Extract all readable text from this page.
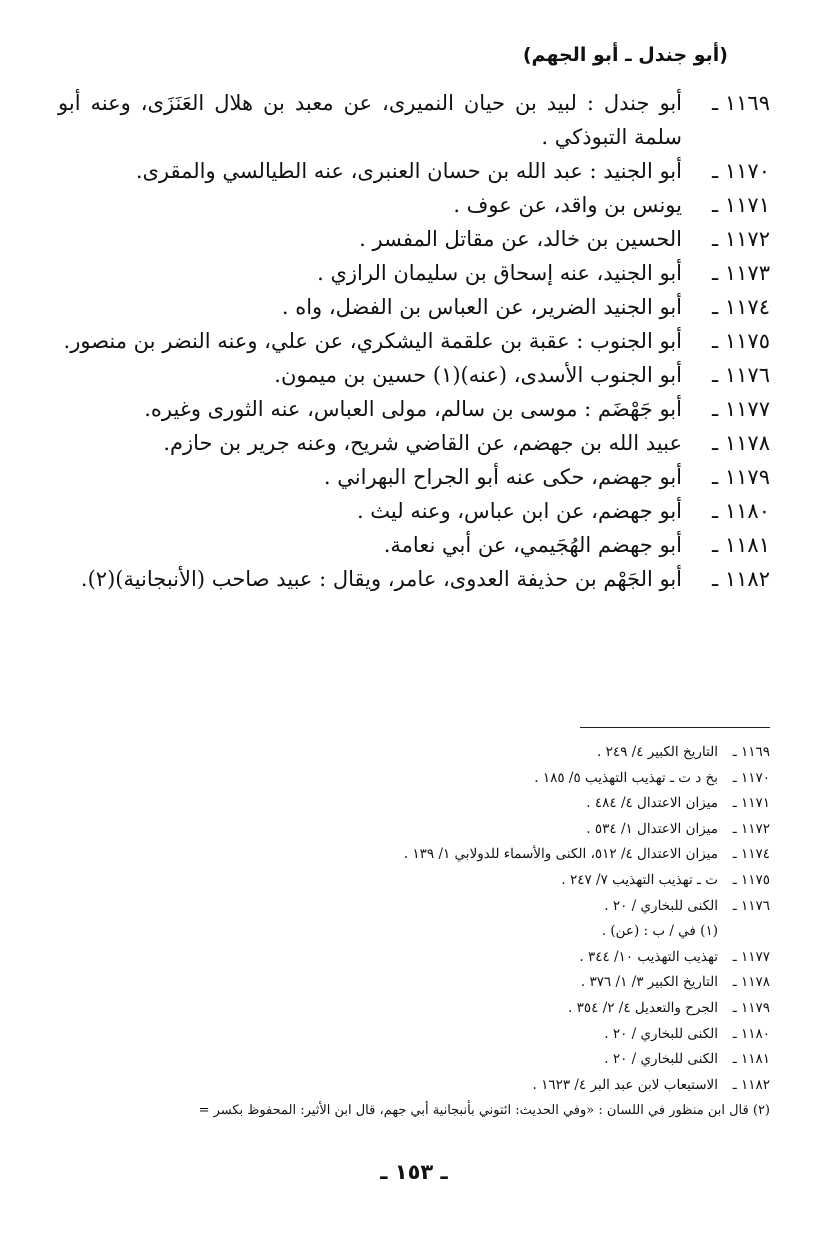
(أبو جندل ـ أبو الجهم)
١١٦٩ ـ
أبو جندل : لبيد بن حيان النميرى، عن معبد بن هلال العَنَزَى، وعنه أبو سلمة التبوذكي .
١١٧٠ ـ
أبو الجنيد : عبد الله بن حسان العنبرى، عنه الطيالسي والمقرى.
١١٧١ ـ
يونس بن واقد، عن عوف .
١١٧٢ ـ
الحسين بن خالد، عن مقاتل المفسر .
١١٧٣ ـ
أبو الجنيد، عنه إسحاق بن سليمان الرازي .
١١٧٤ ـ
أبو الجنيد الضرير، عن العباس بن الفضل، واه .
١١٧٥ ـ
أبو الجنوب : عقبة بن علقمة اليشكري، عن علي، وعنه النضر بن منصور.
١١٧٦ ـ
أبو الجنوب الأسدى، (عنه)(١) حسين بن ميمون.
١١٧٧ ـ
أبو جَهْضَم : موسى بن سالم، مولى العباس، عنه الثورى وغيره.
١١٧٨ ـ
عبيد الله بن جهضم، عن القاضي شريح، وعنه جرير بن حازم.
١١٧٩ ـ
أبو جهضم، حكى عنه أبو الجراح البهراني .
١١٨٠ ـ
أبو جهضم، عن ابن عباس، وعنه ليث .
١١٨١ ـ
أبو جهضم الهُجَيمي، عن أبي نعامة.
١١٨٢ ـ
أبو الجَهْم بن حذيفة العدوى، عامر، ويقال : عبيد صاحب (الأنبجانية)(٢).
١١٦٩ ـ
التاريخ الكبير ٤/ ٢٤٩ .
١١٧٠ ـ
بخ د ت ـ تهذيب التهذيب ٥/ ١٨٥ .
١١٧١ ـ
ميزان الاعتدال ٤/ ٤٨٤ .
١١٧٢ ـ
ميزان الاعتدال ١/ ٥٣٤ .
١١٧٤ ـ
ميزان الاعتدال ٤/ ٥١٢، الكنى والأسماء للدولابي ١/ ١٣٩ .
١١٧٥ ـ
ت ـ تهذيب التهذيب ٧/ ٢٤٧ .
١١٧٦ ـ
الكنى للبخاري / ٢٠ .
(١) في / ب : (عن) .
١١٧٧ ـ
تهذيب التهذيب ١٠/ ٣٤٤ .
١١٧٨ ـ
التاريخ الكبير ٣/ ١/ ٣٧٦ .
١١٧٩ ـ
الجرح والتعديل ٤/ ٢/ ٣٥٤ .
١١٨٠ ـ
الكنى للبخاري / ٢٠ .
١١٨١ ـ
الكنى للبخاري / ٢٠ .
١١٨٢ ـ
الاستيعاب لابن عبد البر ٤/ ١٦٢٣ .
(٢) قال ابن منظور في اللسان : «وفي الحديث: ائتوني بأنبجانية أبي جهم، قال ابن الأثير: المحفوظ بكسر =
ـ ١٥٣ ـ
